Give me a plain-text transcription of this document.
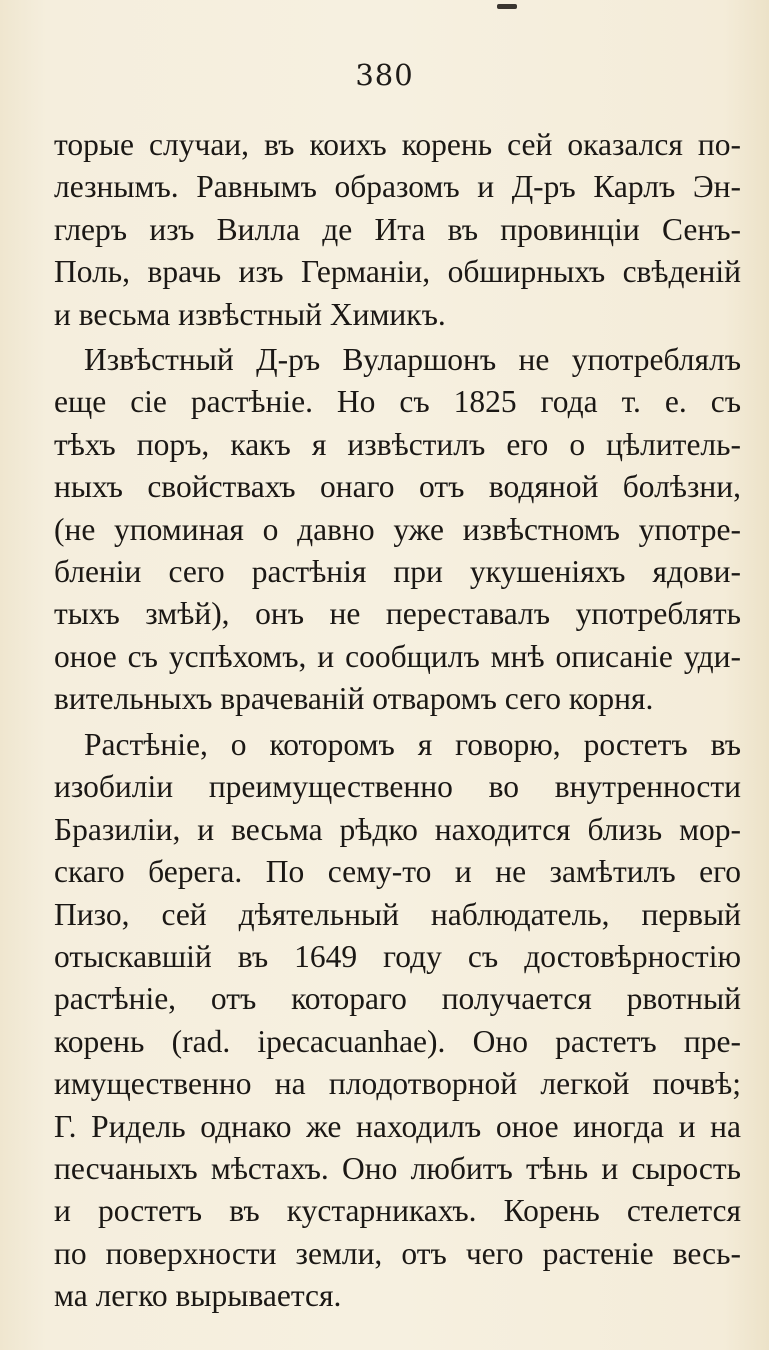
380
торые случаи, въ коихъ корень сей оказался по-
лезнымъ. Равнымъ образомъ и Д-ръ Карлъ Эн-
глеръ изъ Вилла де Ита въ провинціи Сенъ-
Поль, врачь изъ Германіи, обширныхъ свѣденій
и весьма извѣстный Химикъ.
Извѣстный Д-ръ Вуларшонъ не употреблялъ
еще сіе растѣніе. Но съ 1825 года т. е. съ
тѣхъ поръ, какъ я извѣстилъ его о цѣлитель-
ныхъ свойствахъ онаго отъ водяной болѣзни,
(не упоминая о давно уже извѣстномъ употре-
бленіи сего растѣнія при укушеніяхъ ядови-
тыхъ змѣй), онъ не переставалъ употреблять
оное съ успѣхомъ, и сообщилъ мнѣ описаніе уди-
вительныхъ врачеваній отваромъ сего корня.
Растѣніе, о которомъ я говорю, ростетъ въ
изобиліи преимущественно во внутренности
Бразиліи, и весьма рѣдко находится близь мор-
скаго берега. По сему-то и не замѣтилъ его
Пизо, сей дѣятельный наблюдатель, первый
отыскавшій въ 1649 году съ достовѣрностію
растѣніе, отъ котораго получается рвотный
корень (rad. ipecacuanhae). Оно растетъ пре-
имущественно на плодотворной легкой почвѣ;
Г. Ридель однако же находилъ оное иногда и на
песчаныхъ мѣстахъ. Оно любитъ тѣнь и сырость
и ростетъ въ кустарникахъ. Корень стелется
по поверхности земли, отъ чего растеніе весь-
ма легко вырывается.
